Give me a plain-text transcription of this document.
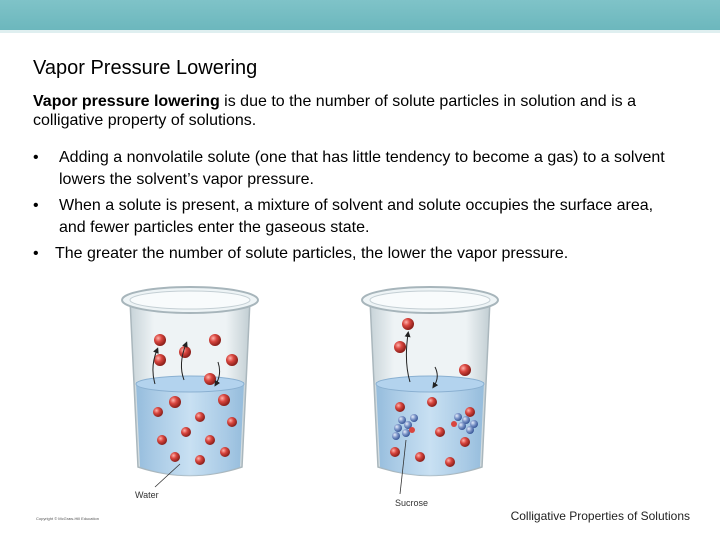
Vapor Pressure Lowering
Vapor pressure lowering is due to the number of solute particles in solution and is a colligative property of solutions.
• Adding a nonvolatile solute (one that has little tendency to become a gas) to a solvent lowers the solvent’s vapor pressure.
• When a solute is present, a mixture of solvent and solute occupies the surface area, and fewer particles enter the gaseous state.
• The greater the number of solute particles, the lower the vapor pressure.
Water
Sucrose
Copyright © McGraw-Hill Education	Colligative Properties of Solutions
